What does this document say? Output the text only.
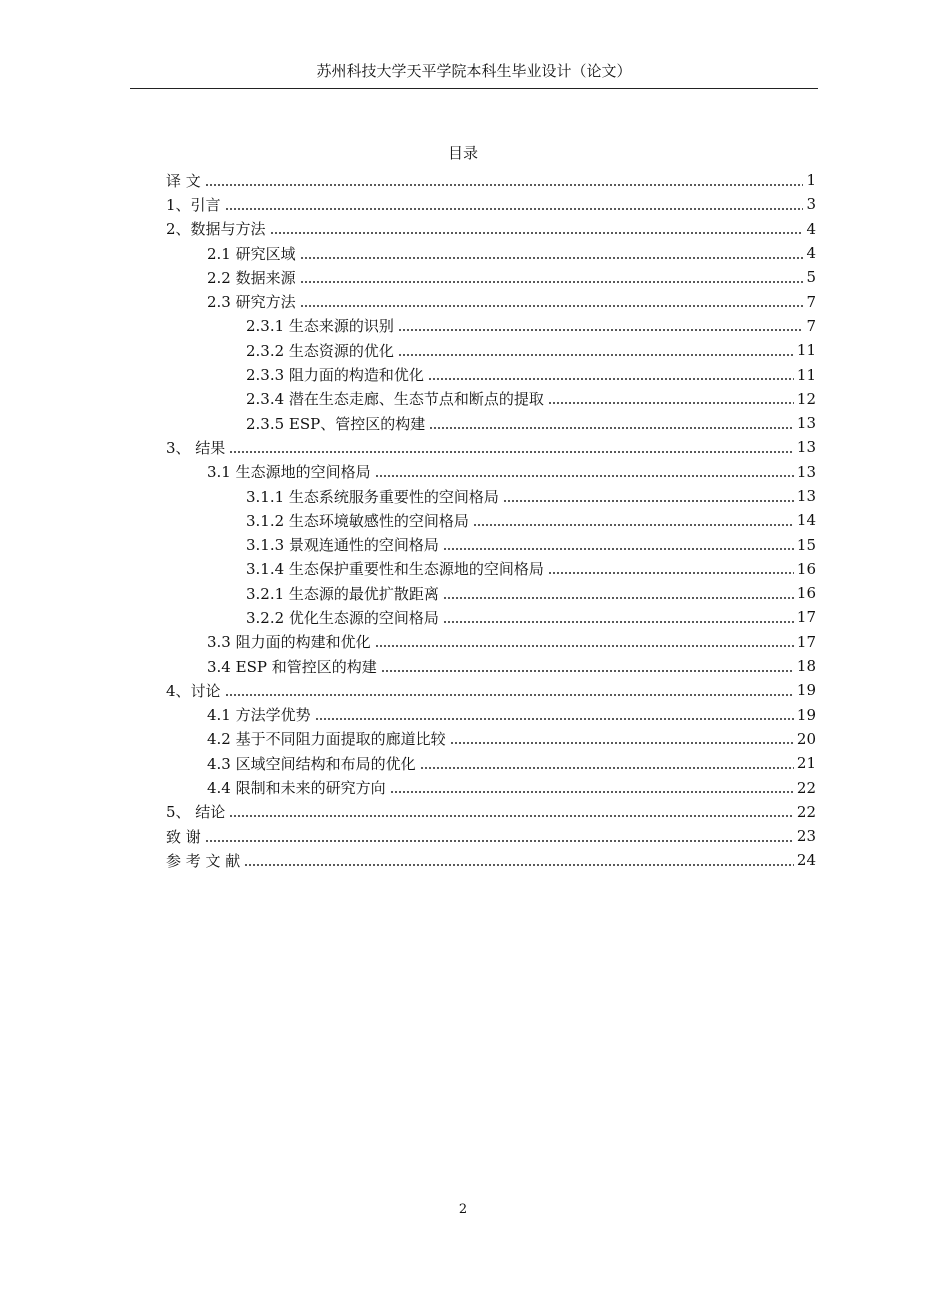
苏州科技大学天平学院本科生毕业设计（论文）
目录
译 文	1
1、引言	3
2、数据与方法	4
2.1 研究区域	4
2.2 数据来源	5
2.3 研究方法	7
2.3.1 生态来源的识别	7
2.3.2 生态资源的优化	11
2.3.3 阻力面的构造和优化	11
2.3.4 潜在生态走廊、生态节点和断点的提取	12
2.3.5 ESP、管控区的构建	13
3、 结果	13
3.1 生态源地的空间格局	13
3.1.1 生态系统服务重要性的空间格局	13
3.1.2 生态环境敏感性的空间格局	14
3.1.3 景观连通性的空间格局	15
3.1.4 生态保护重要性和生态源地的空间格局	16
3.2.1 生态源的最优扩散距离	16
3.2.2 优化生态源的空间格局	17
3.3 阻力面的构建和优化	17
3.4 ESP 和管控区的构建	18
4、讨论	19
4.1 方法学优势	19
4.2 基于不同阻力面提取的廊道比较	20
4.3 区域空间结构和布局的优化	21
4.4 限制和未来的研究方向	22
5、 结论	22
致 谢	23
参 考 文 献	24
2
